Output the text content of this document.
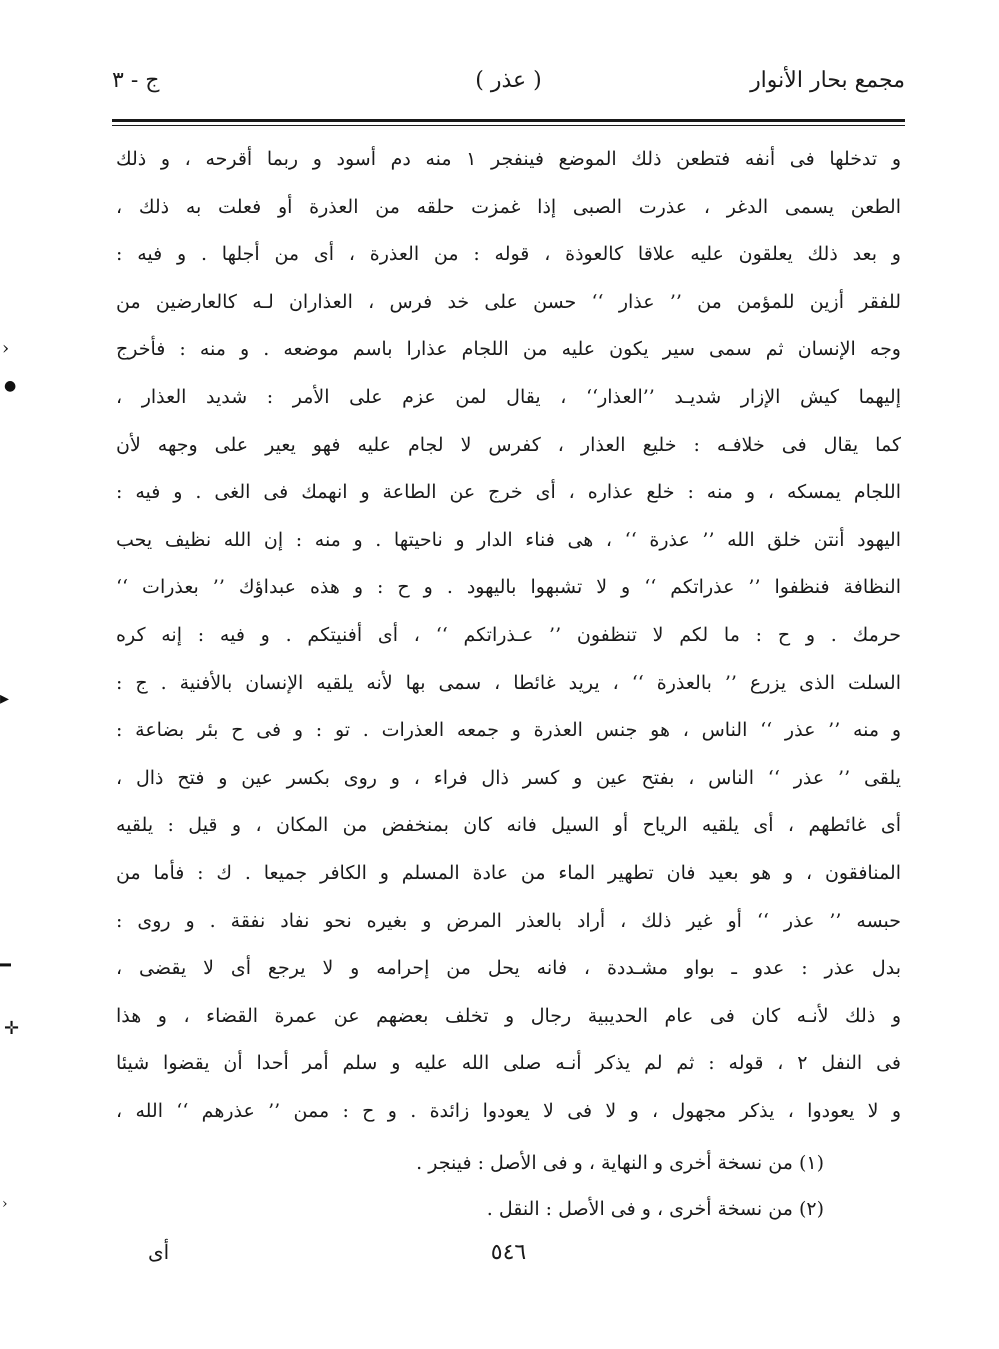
مجمع بحار الأنوار
( عذر )
ج - ٣
و تدخلها فى أنفه فتطعن ذلك الموضع فينفجر ١ منه دم أسود و ربما أقرحه ، و ذلك
الطعن يسمى الدغر ، عذرت الصبى إذا غمزت حلقه من العذرة أو فعلت به ذلك ،
و بعد ذلك يعلقون عليه علاقا كالعوذة ، قوله : من العذرة ، أى من أجلها . و فيه :
للفقر أزين للمؤمن من ’’ عذار ‘‘ حسن على خد فرس ، العذاران لـه كالعارضين من
وجه الإنسان ثم سمى سير يكون عليه من اللجام عذارا باسم موضعه . و منه : فأخرج
إليهما كيش الإزار شديـد ’’العذار‘‘ ، يقال لمن عزم على الأمر : شديد العذار ،
كما يقال فى خلافـه : خليع العذار ، كفرس لا لجام عليه فهو يعير على وجهه لأن
اللجام يمسكه ، و منه : خلع عذاره ، أى خرج عن الطاعة و انهمك فى الغى . و فيه :
اليهود أنتن خلق الله ’’ عذرة ‘‘ ، هى فناء الدار و ناحيتها . و منه : إن الله نظيف يحب
النظافة فنظفوا ’’ عذراتكم ‘‘ و لا تشبهوا باليهود . و ح : و هذه عبداؤك ’’ بعذرات ‘‘
حرمك . و ح : ما لكم لا تنظفون ’’ عـذراتكم ‘‘ ، أى أفنيتكم . و فيه : إنه كره
السلت الذى يزرع ’’ بالعذرة ‘‘ ، يريد غائطا ، سمى بها لأنه يلقيه الإنسان بالأفنية . ج :
و منه ’’ عذر ‘‘ الناس ، هو جنس العذرة و جمعه العذرات . تو : و فى ح بئر بضاعة :
يلقى ’’ عذر ‘‘ الناس ، بفتح عين و كسر ذال فراء ، و روى بكسر عين و فتح ذال ،
أى غائطهم ، أى يلقيه الرياح أو السيل فانه كان بمنخفض من المكان ، و قيل : يلقيه
المنافقون ، و هو بعيد فان تطهير الماء من عادة المسلم و الكافر جميعا . ك : فأما من
حبسه ’’ عذر ‘‘ أو غير ذلك ، أراد بالعذر المرض و بغيره نحو نفاد نفقة . و روى :
بدل عذر : عدو ـ بواو مشـددة ، فانه يحل من إحرامه و لا يرجع أى لا يقضى ،
و ذلك لأنـه كان فى عام الحديبية رجال و تخلف بعضهم عن عمرة القضاء ، و هذا
فى النفل ٢ ، قوله : ثم لم يذكر أنـه صلى الله عليه و سلم أمر أحدا أن يقضوا شيئا
و لا يعودوا ، يذكر مجهول ، و لا فى لا يعودوا زائدة . و ح : ممن ’’ عذرهم ‘‘ الله ،
(١) من نسخة أخرى و النهاية ، و فى الأصل : فينجر .
(٢) من نسخة أخرى ، و فى الأصل : النقل .
٥٤٦
أى
›
●
▸
━
✛
›
